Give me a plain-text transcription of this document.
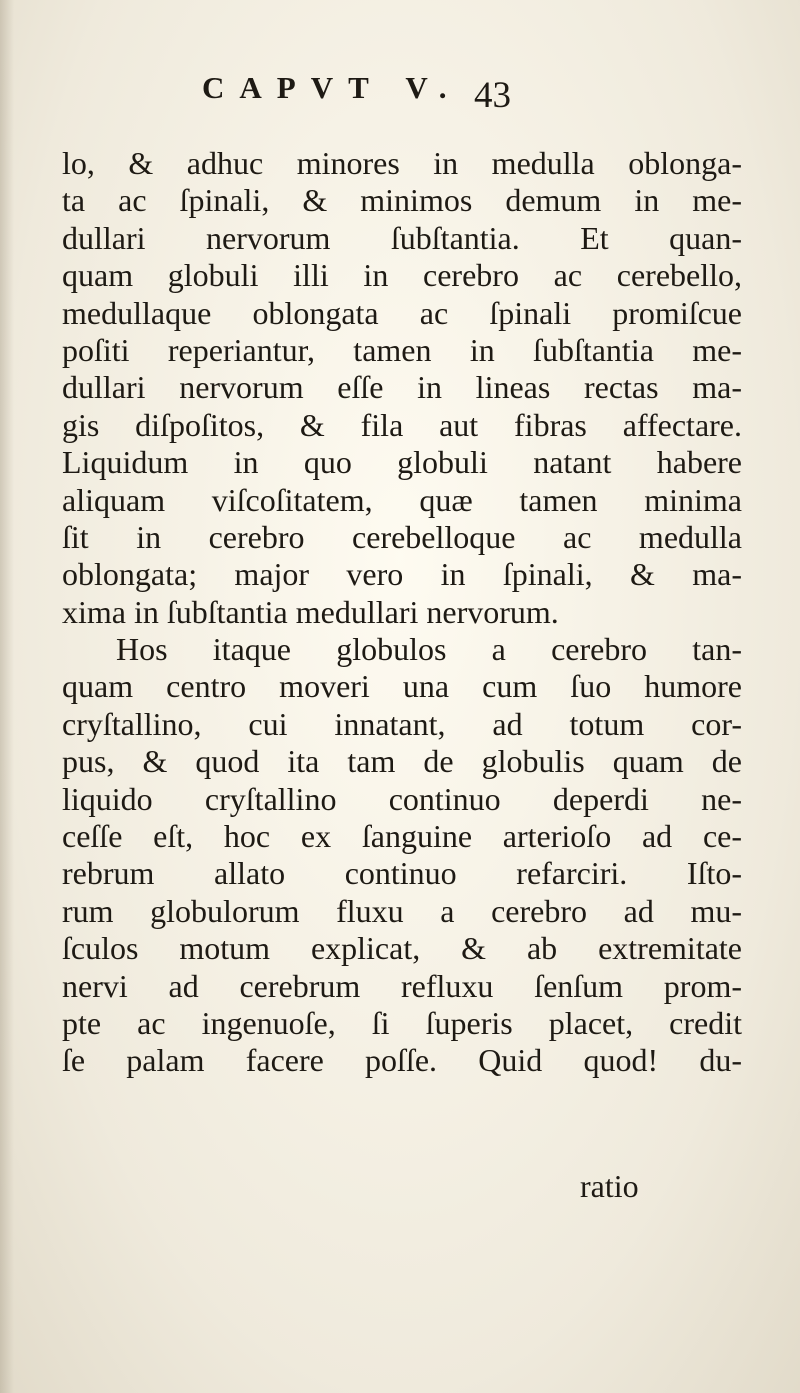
CAPVT V. 43
lo, & adhuc minores in medulla oblonga-
ta ac ſpinali, & minimos demum in me-
dullari nervorum ſubſtantia. Et quan-
quam globuli illi in cerebro ac cerebello,
medullaque oblongata ac ſpinali promiſcue
poſiti reperiantur, tamen in ſubſtantia me-
dullari nervorum eſſe in lineas rectas ma-
gis diſpoſitos, & fila aut fibras affectare.
Liquidum in quo globuli natant habere
aliquam viſcoſitatem, quæ tamen minima
ſit in cerebro cerebelloque ac medulla
oblongata; major vero in ſpinali, & ma-
xima in ſubſtantia medullari nervorum.
Hos itaque globulos a cerebro tan-
quam centro moveri una cum ſuo humore
cryſtallino, cui innatant, ad totum cor-
pus, & quod ita tam de globulis quam de
liquido cryſtallino continuo deperdi ne-
ceſſe eſt, hoc ex ſanguine arterioſo ad ce-
rebrum allato continuo refarciri. Iſto-
rum globulorum fluxu a cerebro ad mu-
ſculos motum explicat, & ab extremitate
nervi ad cerebrum refluxu ſenſum prom-
pte ac ingenuoſe, ſi ſuperis placet, credit
ſe palam facere poſſe. Quid quod! du-
ratio
